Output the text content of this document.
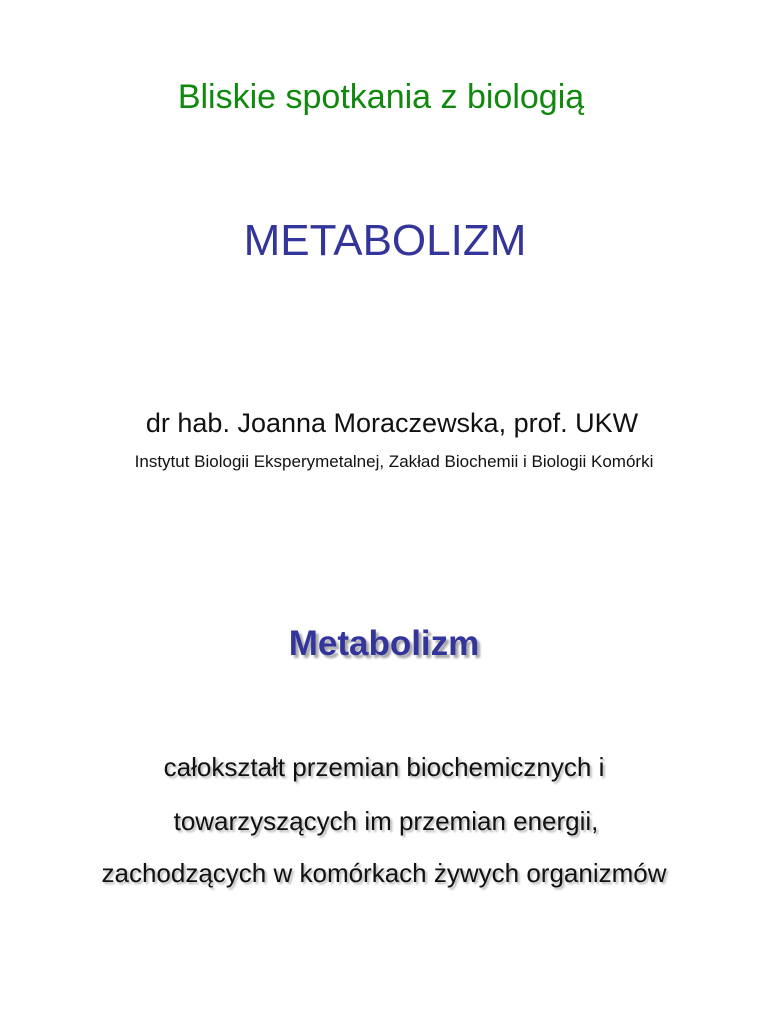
Bliskie spotkania z biologią

METABOLIZM

dr hab. Joanna Moraczewska, prof. UKW

Instytut Biologii Eksperymetalnej, Zakład Biochemii i Biologii Komórki

Metabolizm

całokształt przemian biochemicznych i

towarzyszących im przemian energii,

zachodzących w komórkach żywych organizmów
